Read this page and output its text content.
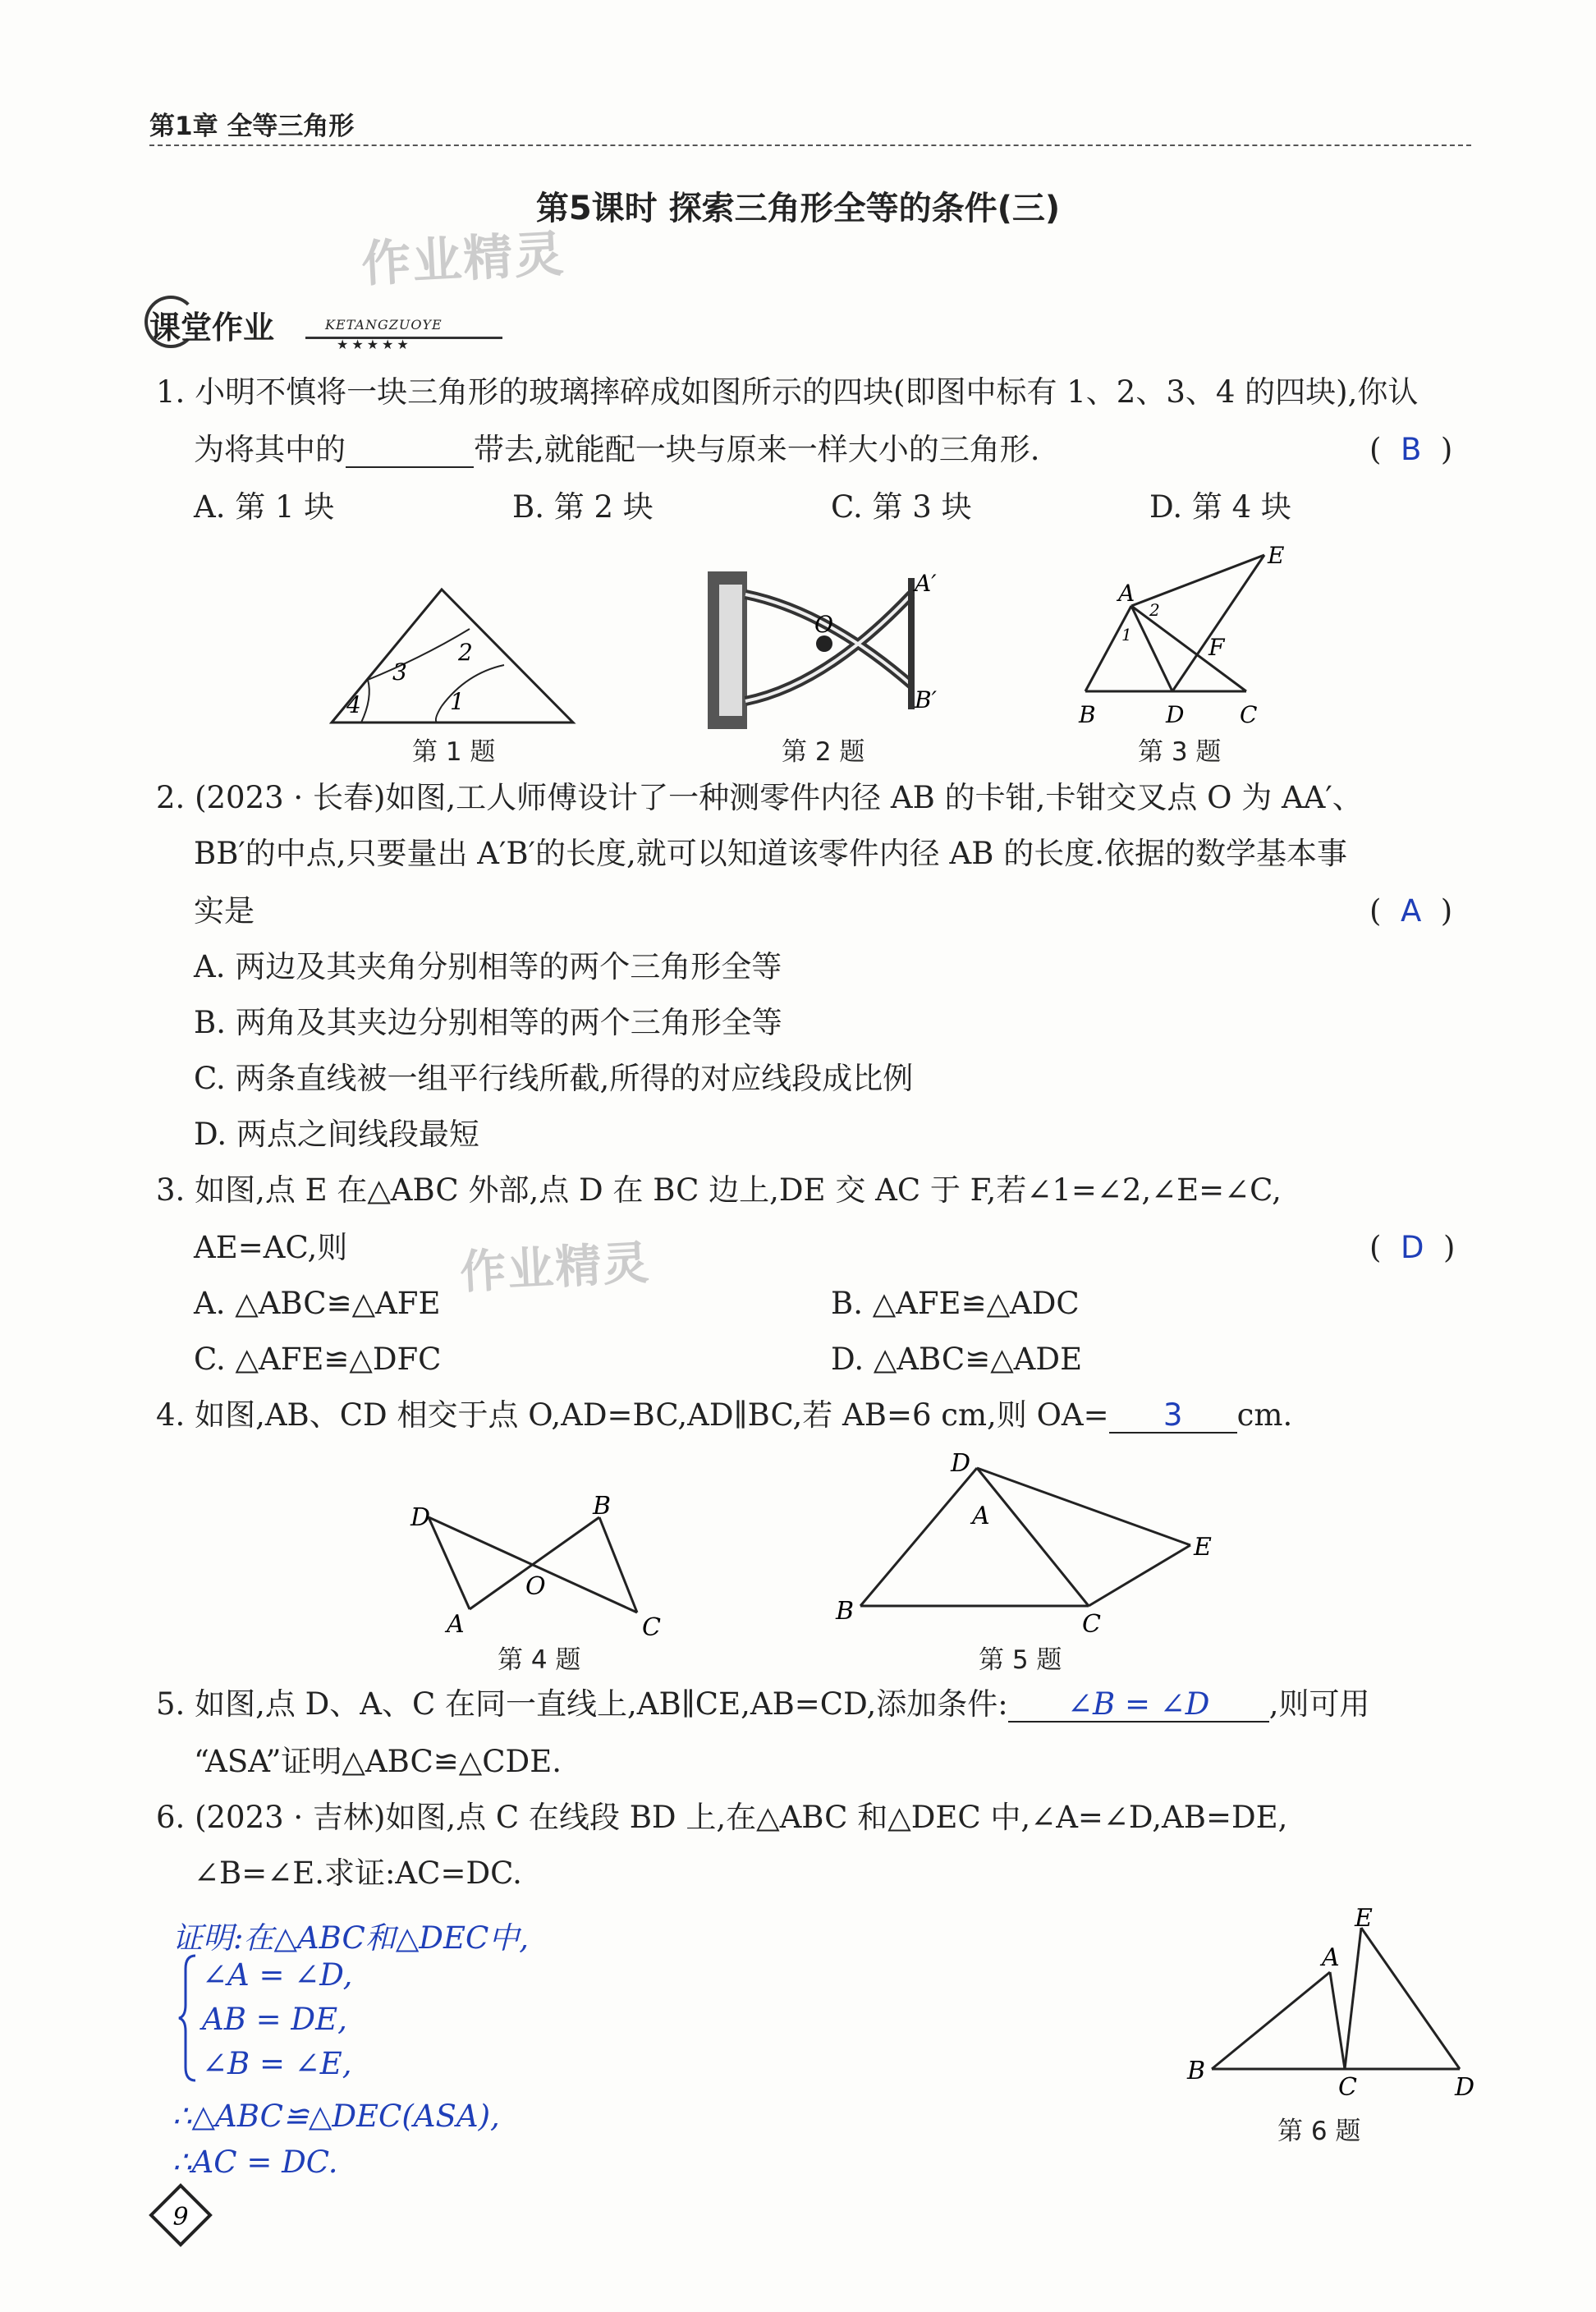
第1章 全等三角形
第5课时 探索三角形全等的条件(三)
作业精灵
课堂作业	KETANGZUOYE
★★★★★
1. 小明不慎将一块三角形的玻璃摔碎成如图所示的四块(即图中标有 1、2、3、4 的四块),你认
为将其中的	带去,就能配一块与原来一样大小的三角形.	(  B  )
A. 第 1 块	B. 第 2 块	C. 第 3 块	D. 第 4 块
4
3
2
1
第 1 题
A′
O
B′
第 2 题
A
E
2
1	F
B	D C
第 3 题
2. (2023 · 长春)如图,工人师傅设计了一种测零件内径 AB 的卡钳,卡钳交叉点 O 为 AA′、
BB′的中点,只要量出 A′B′的长度,就可以知道该零件内径 AB 的长度.依据的数学基本事
实是	(  A  )
A. 两边及其夹角分别相等的两个三角形全等
B. 两角及其夹边分别相等的两个三角形全等
C. 两条直线被一组平行线所截,所得的对应线段成比例
D. 两点之间线段最短
3. 如图,点 E 在△ABC 外部,点 D 在 BC 边上,DE 交 AC 于 F,若∠1=∠2,∠E=∠C,
AE=AC,则	(  D  )
作业精灵
A. △ABC≌△AFE	B. △AFE≌△ADC
C. △AFE≌△DFC	D. △ABC≌△ADE
4. 如图,AB、CD 相交于点 O,AD=BC,AD∥BC,若 AB=6 cm,则 OA= 3 cm.
D	B
O
A	C
第 4 题
D
A
E
B	C
第 5 题
5. 如图,点 D、A、C 在同一直线上,AB∥CE,AB=CD,添加条件: ∠B = ∠D ,则可用
“ASA”证明△ABC≌△CDE.
6. (2023 · 吉林)如图,点 C 在线段 BD 上,在△ABC 和△DEC 中,∠A=∠D,AB=DE,
∠B=∠E.求证:AC=DC.
证明:在△ABC和△DEC中,
∠A = ∠D,
AB = DE,
∠B = ∠E,
∴△ABC≌△DEC(ASA),
∴AC = DC.
E
A
B
C	D
第 6 题
9
